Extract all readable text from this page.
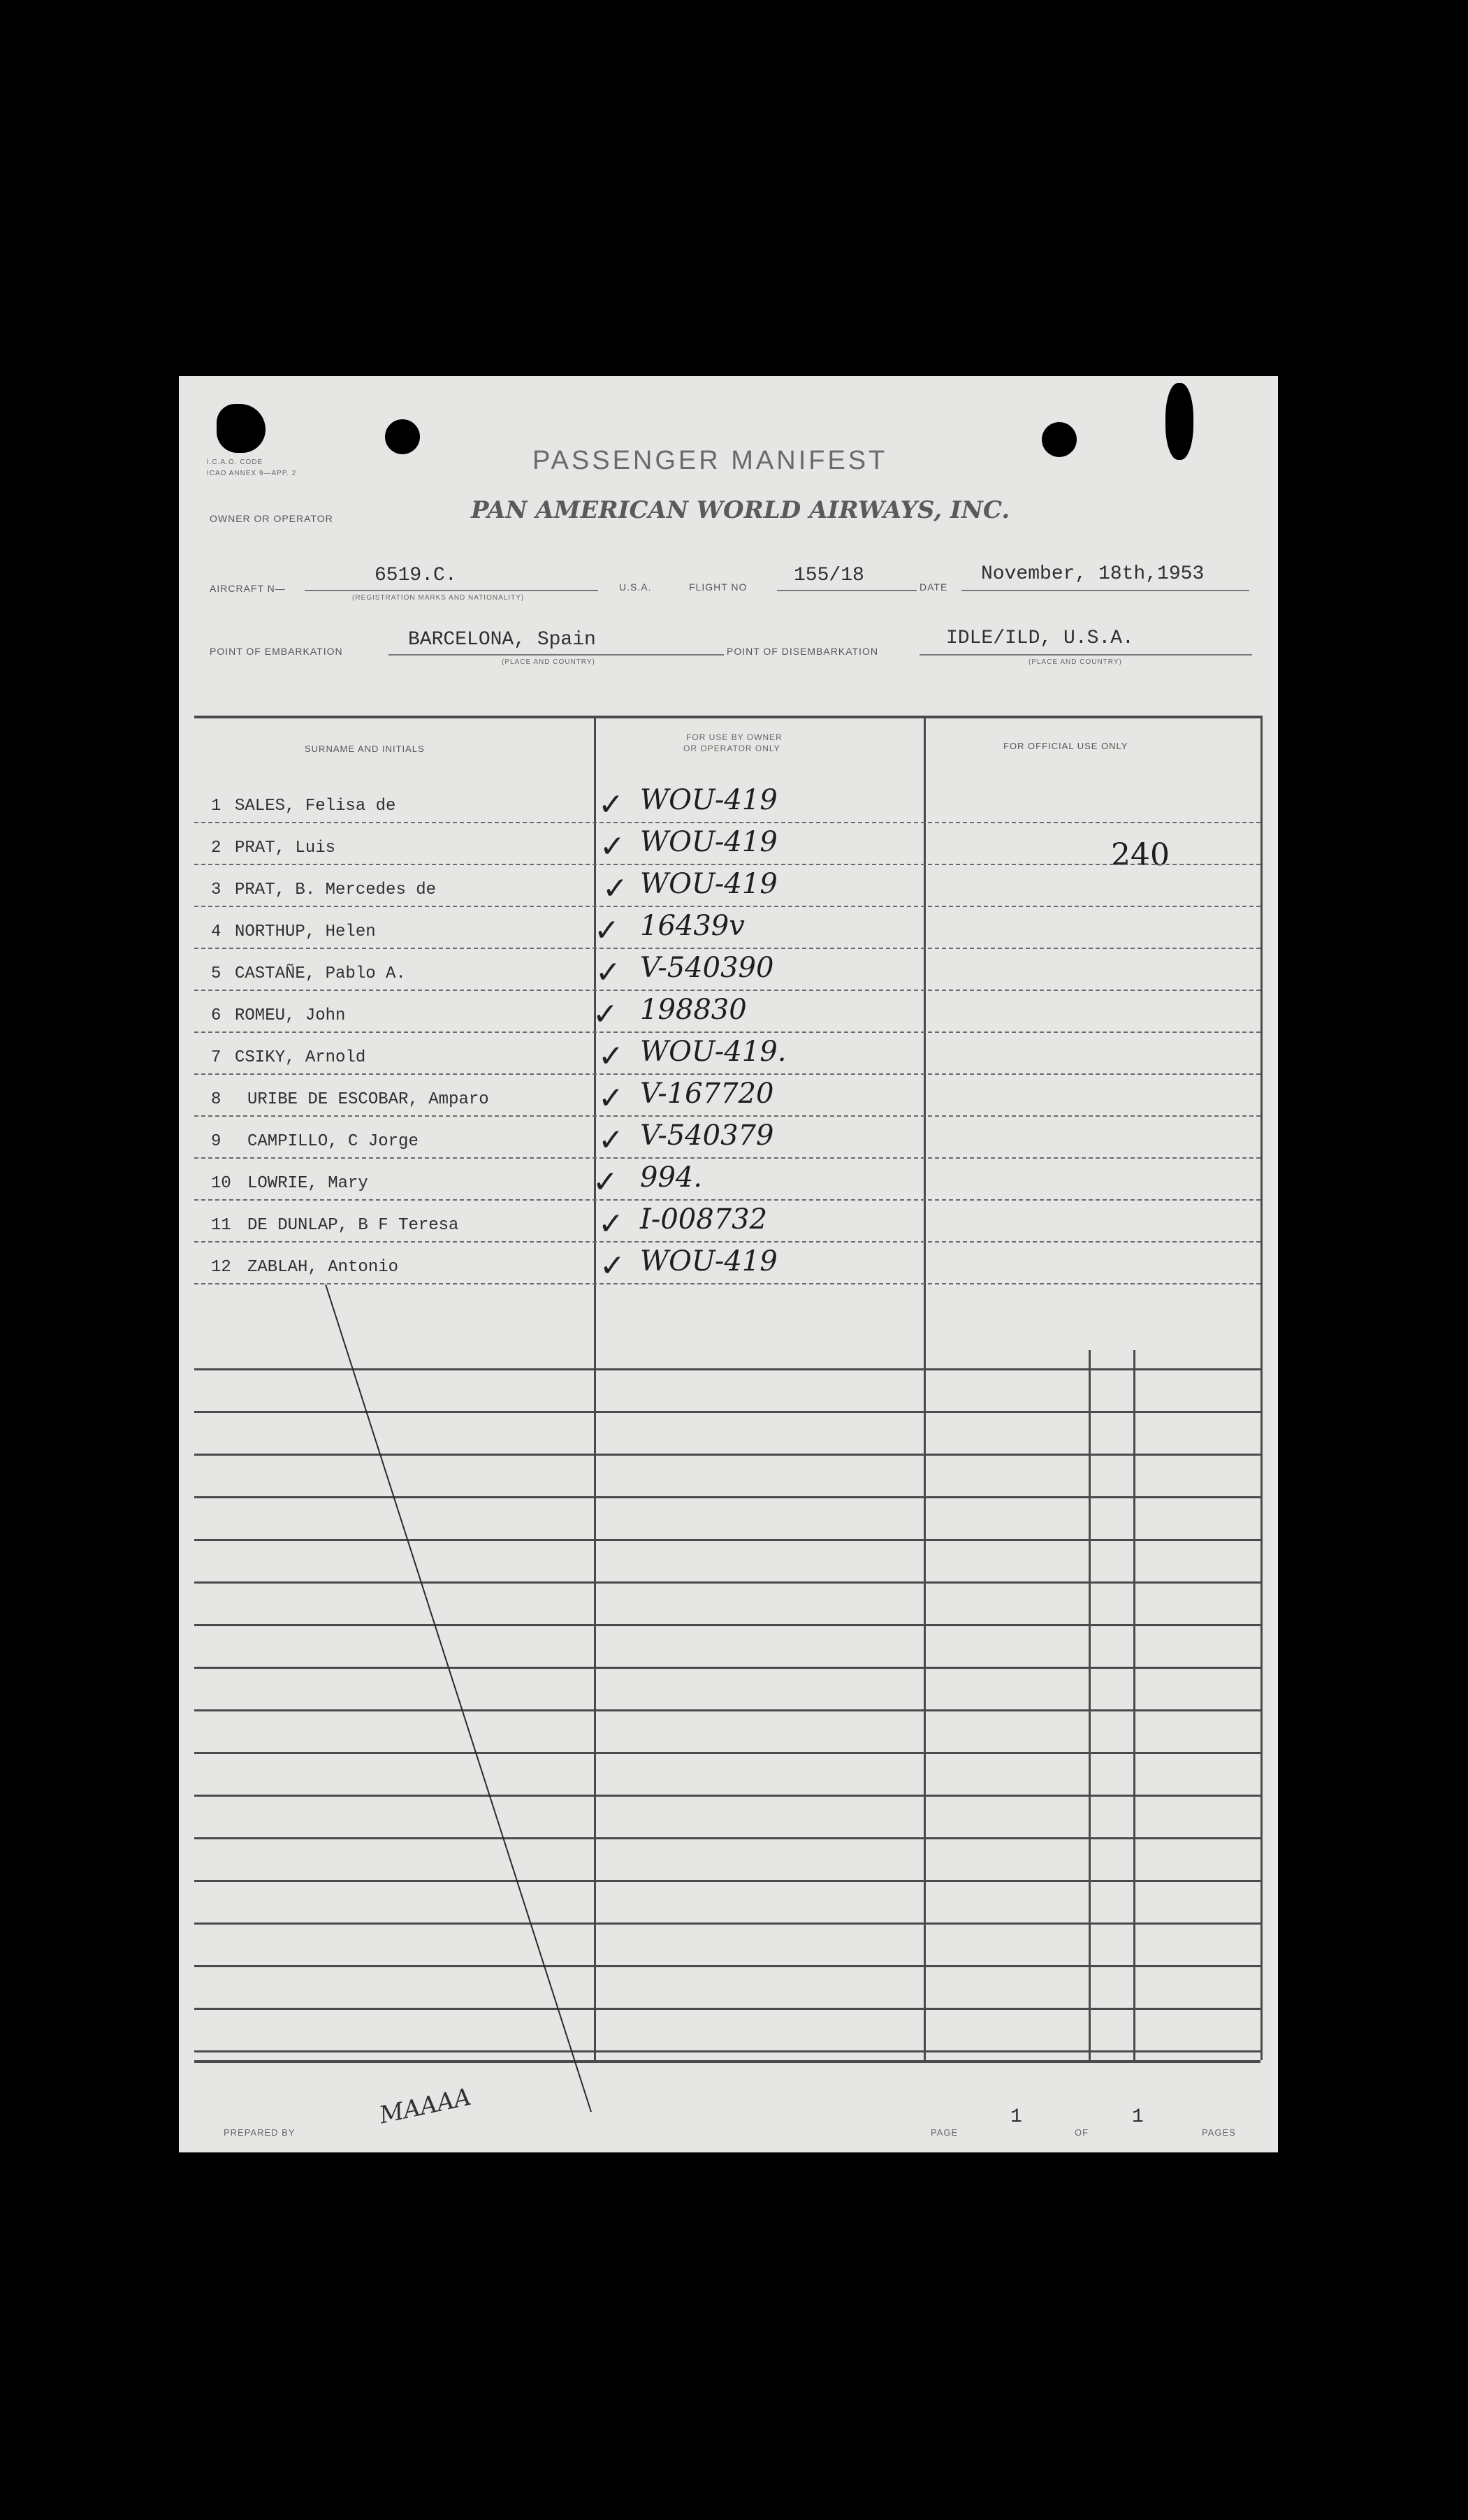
I.C.A.O. CODE
ICAO ANNEX 9—APP. 2	PASSENGER MANIFEST
OWNER OR OPERATOR	PAN AMERICAN WORLD AIRWAYS, INC.
AIRCRAFT N—
6519.C.
(REGISTRATION MARKS AND NATIONALITY)
U.S.A.	FLIGHT NO
155/18
DATE
November, 18th,1953
POINT OF EMBARKATION
BARCELONA, Spain
(PLACE AND COUNTRY)
POINT OF DISEMBARKATION
IDLE/ILD, U.S.A.
(PLACE AND COUNTRY)
SURNAME AND INITIALS
FOR USE BY OWNER
OR OPERATOR ONLY	FOR OFFICIAL USE ONLY
240
1 SALES, Felisa de	✓ WOU-419
2 PRAT, Luis	✓ WOU-419
3 PRAT, B. Mercedes de	✓ WOU-419
4 NORTHUP, Helen	✓ 16439v
5 CASTAÑE, Pablo A.	✓ V-540390
6 ROMEU, John	✓ 198830
7 CSIKY, Arnold	✓ WOU-419.
8 URIBE DE ESCOBAR, Amparo	✓ V-167720
9 CAMPILLO, C Jorge	✓ V-540379
10 LOWRIE, Mary	✓ 994.
11 DE DUNLAP, B F Teresa	✓ I-008732
12 ZABLAH, Antonio	✓ WOU-419
PREPARED BY
MAAAA
PAGE
1
OF
1
PAGES
